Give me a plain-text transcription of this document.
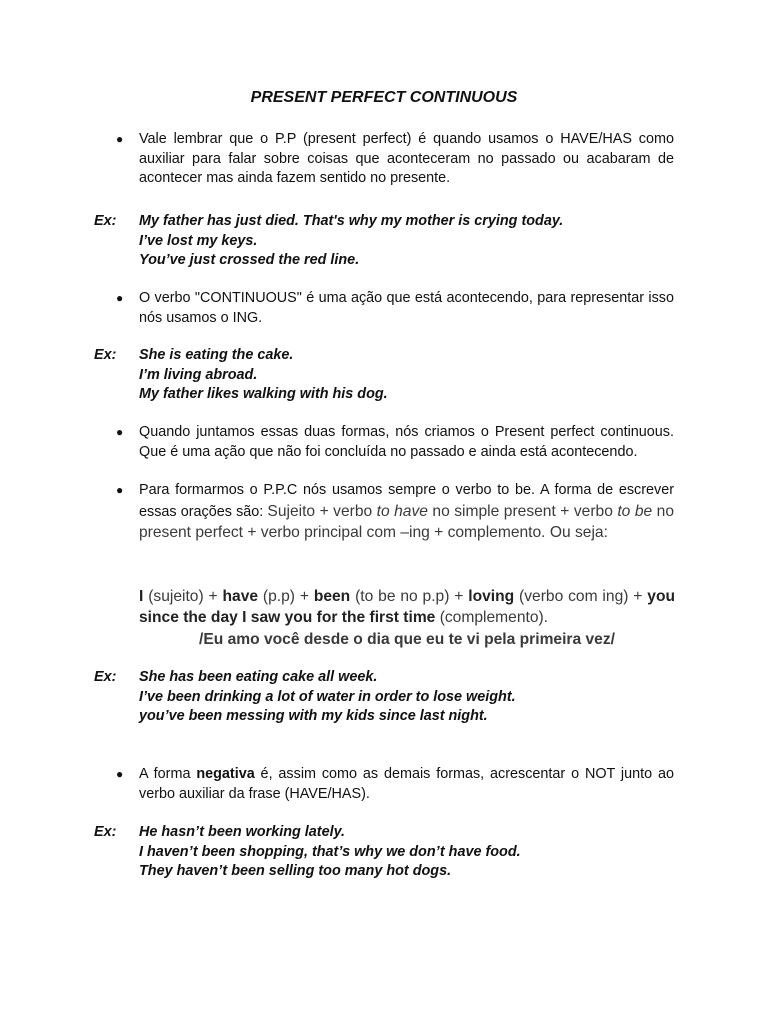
PRESENT PERFECT CONTINUOUS
●	Vale lembrar que o P.P (present perfect) é quando usamos o HAVE/HAS como auxiliar para falar sobre coisas que aconteceram no passado ou acabaram de acontecer mas ainda fazem sentido no presente.
Ex: My father has just died. That's why my mother is crying today.
I’ve lost my keys.
You’ve just crossed the red line.
●	O verbo "CONTINUOUS" é uma ação que está acontecendo, para representar isso nós usamos o ING.
Ex: She is eating the cake.
I’m living abroad.
My father likes walking with his dog.
●	Quando juntamos essas duas formas, nós criamos o Present perfect continuous. Que é uma ação que não foi concluída no passado e ainda está acontecendo.
●	Para formarmos o P.P.C nós usamos sempre o verbo to be. A forma de escrever essas orações são: Sujeito + verbo to have no simple present + verbo to be no present perfect + verbo principal com –ing + complemento. Ou seja:
I (sujeito) + have (p.p) + been (to be no p.p) + loving (verbo com ing) + you since the day I saw you for the first time (complemento).
/Eu amo você desde o dia que eu te vi pela primeira vez/
Ex: She has been eating cake all week.
I’ve been drinking a lot of water in order to lose weight.
you’ve been messing with my kids since last night.
●	A forma negativa é, assim como as demais formas, acrescentar o NOT junto ao verbo auxiliar da frase (HAVE/HAS).
Ex: He hasn’t been working lately.
I haven’t been shopping, that’s why we don’t have food.
They haven’t been selling too many hot dogs.
